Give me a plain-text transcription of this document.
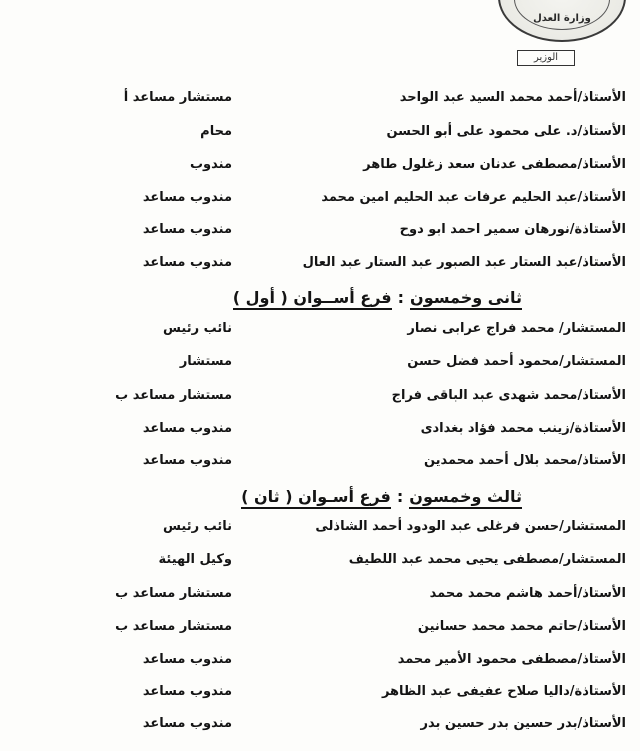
وزارة العدل
الوزير
الأستاذ/أحمد محمد السيد عبد الواحد
مستشار مساعد أ
الأستاذ/د. على محمود على أبو الحسن
محام
الأستاذ/مصطفى عدنان سعد زغلول طاهر
مندوب
الأستاذ/عبد الحليم عرفات عبد الحليم امين محمد
مندوب مساعد
الأستاذة/نورهان سمير احمد ابو دوح
مندوب مساعد
الأستاذ/عبد الستار عبد الصبور عبد الستار عبد العال
مندوب مساعد
ثانى وخمسون:فرع أســوان ( أول )
المستشار/ محمد فراج عرابى نصار
نائب رئيس
المستشار/محمود أحمد فضل حسن
مستشار
الأستاذ/محمد شهدى عبد الباقى فراج
مستشار مساعد ب
الأستاذة/زينب محمد فؤاد بغدادى
مندوب مساعد
الأستاذ/محمد بلال أحمد محمدين
مندوب مساعد
ثالث وخمسون:فرع أسـوان ( ثان )
المستشار/حسن فرغلى عبد الودود أحمد الشاذلى
نائب رئيس
المستشار/مصطفى يحيى محمد عبد اللطيف
وكيل الهيئة
الأستاذ/أحمد هاشم محمد محمد
مستشار مساعد ب
الأستاذ/حاتم محمد محمد حسانين
مستشار مساعد ب
الأستاذ/مصطفى محمود الأمير محمد
مندوب مساعد
الأستاذة/داليا صلاح عفيفى عبد الظاهر
مندوب مساعد
الأستاذ/بدر حسين بدر حسين بدر
مندوب مساعد
